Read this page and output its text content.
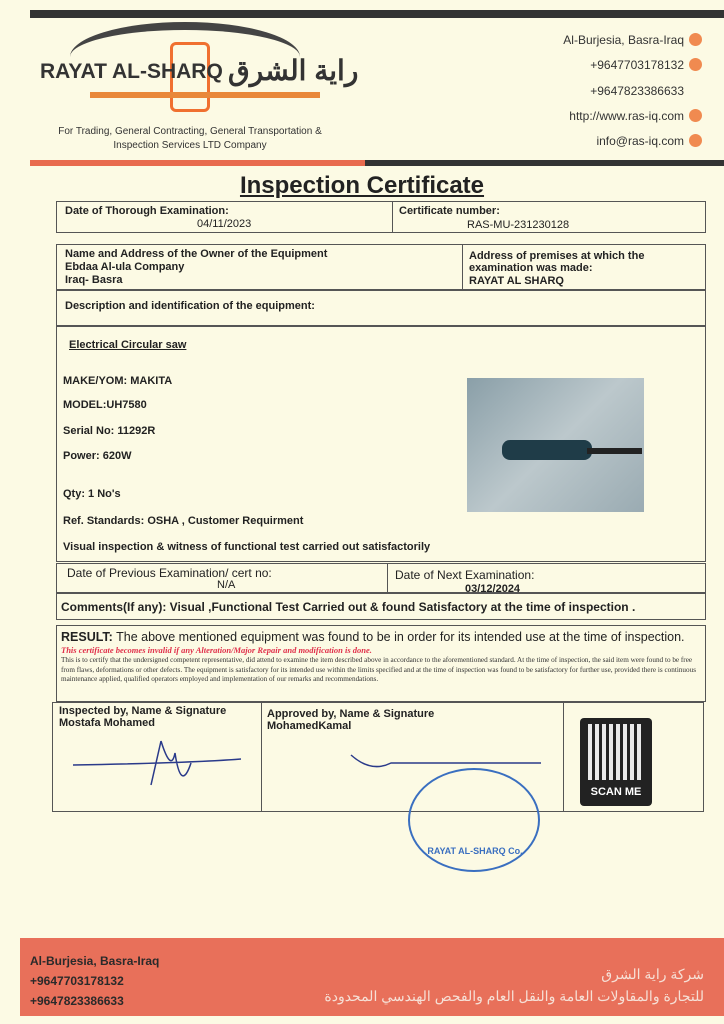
RAYAT AL-SHARQ راية الشرق
For Trading, General Contracting, General Transportation & Inspection Services LTD Company
Al-Burjesia, Basra-Iraq
+9647703178132
+9647823386633
http://www.ras-iq.com
info@ras-iq.com
Inspection Certificate
Date of Thorough Examination:
04/11/2023
Certificate number:
RAS-MU-231230128
Name and Address of the Owner of the Equipment
Ebdaa Al-ula Company
Iraq- Basra
Address of premises at which the examination was made:
RAYAT AL SHARQ
Description and identification of the equipment:
Electrical Circular saw
MAKE/YOM: MAKITA
MODEL:UH7580
Serial No: 11292R
Power: 620W
Qty: 1 No's
Ref. Standards: OSHA , Customer Requirment
Visual inspection & witness of functional test carried out satisfactorily
Date of Previous Examination/ cert no:
N/A
Date of Next Examination:
03/12/2024
Comments(If any): Visual ,Functional Test Carried out & found Satisfactory at the time of inspection .
RESULT: The above mentioned equipment was found to be in order for its intended use at the time of inspection.
This certificate becomes invalid if any Alteration/Major Repair and modification is done.
This is to certify that the undersigned competent representative, did attend to examine the item described above in accordance to the aforementioned standard. At the time of inspection, the said item were found to be free from flaws, deformations or other defects. The equipment is satisfactory for its intended use within the limits specified and at the time of inspection was found to be satisfactory for further use, provided there is continuous maintenance applied, qualified operators employed and implementation of our remarks and recommendations.
Inspected by, Name & Signature
Mostafa Mohamed
Approved by, Name & Signature
MohamedKamal
SCAN ME
RAYAT AL-SHARQ Co.
Al-Burjesia, Basra-Iraq
+9647703178132
+9647823386633
شركة راية الشرق
للتجارة والمقاولات العامة والنقل العام والفحص الهندسي المحدودة
